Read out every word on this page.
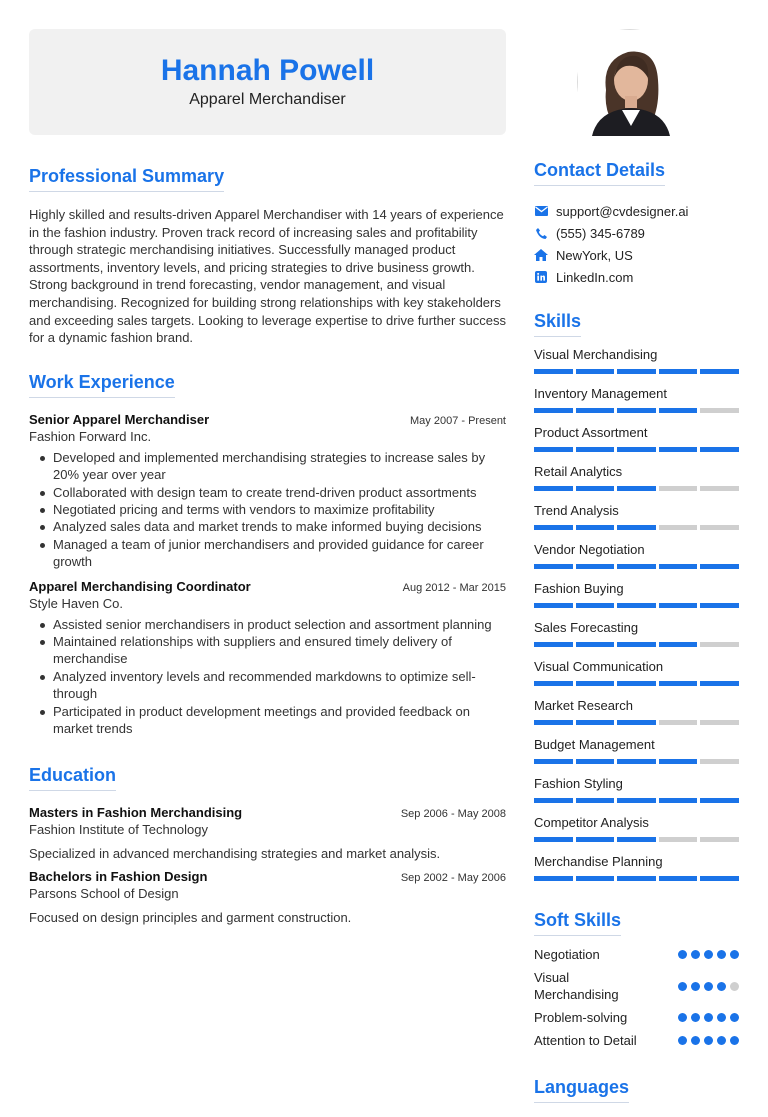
Hannah Powell
Apparel Merchandiser
Professional Summary

Highly skilled and results-driven Apparel Merchandiser with 14 years of experience in the fashion industry. Proven track record of increasing sales and profitability through strategic merchandising initiatives. Successfully managed product assortments, inventory levels, and pricing strategies to drive business growth. Strong background in trend forecasting, vendor management, and visual merchandising. Recognized for building strong relationships with key stakeholders and exceeding sales targets. Looking to leverage expertise to drive further success for a dynamic fashion brand.

Work Experience
Senior Apparel Merchandiser	May 2007 - Present
Fashion Forward Inc.
Developed and implemented merchandising strategies to increase sales by 20% year over year
Collaborated with design team to create trend-driven product assortments
Negotiated pricing and terms with vendors to maximize profitability
Analyzed sales data and market trends to make informed buying decisions
Managed a team of junior merchandisers and provided guidance for career growth
Apparel Merchandising Coordinator	Aug 2012 - Mar 2015
Style Haven Co.
Assisted senior merchandisers in product selection and assortment planning
Maintained relationships with suppliers and ensured timely delivery of merchandise
Analyzed inventory levels and recommended markdowns to optimize sell-through
Participated in product development meetings and provided feedback on market trends
Education
Masters in Fashion Merchandising	Sep 2006 - May 2008
Fashion Institute of Technology
Specialized in advanced merchandising strategies and market analysis.
Bachelors in Fashion Design	Sep 2002 - May 2006
Parsons School of Design
Focused on design principles and garment construction.
Contact Details
support@cvdesigner.ai
(555) 345-6789
NewYork, US
LinkedIn.com
Skills
Visual Merchandising
Inventory Management
Product Assortment
Retail Analytics
Trend Analysis
Vendor Negotiation
Fashion Buying
Sales Forecasting
Visual Communication
Market Research
Budget Management
Fashion Styling
Competitor Analysis
Merchandise Planning
Soft Skills
Negotiation
Visual Merchandising
Problem-solving
Attention to Detail
Languages
